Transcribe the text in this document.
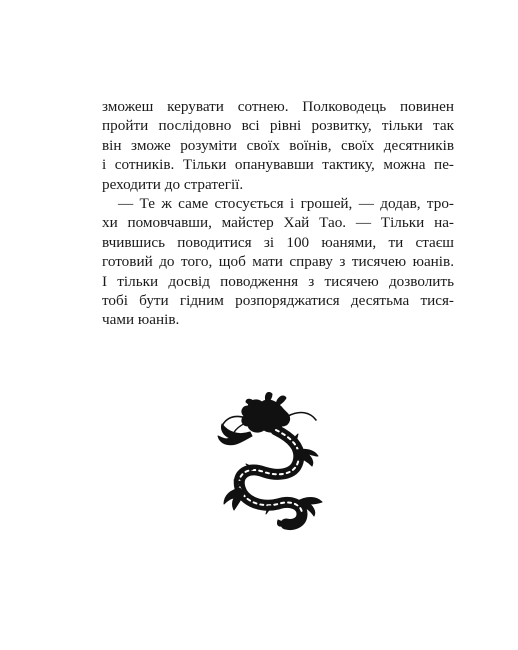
зможеш керувати сотнею. Полководець повинен
пройти послідовно всі рівні розвитку, тільки так
він зможе розуміти своїх воїнів, своїх десятників
і сотників. Тільки опанувавши тактику, можна пе-
реходити до стратегії.
— Те ж саме стосується і грошей, — додав, тро-
хи помовчавши, майстер Хай Тао. — Тільки на-
вчившись поводитися зі 100 юанями, ти стаєш
готовий до того, щоб мати справу з тисячею юанів.
І тільки досвід поводження з тисячею дозволить
тобі бути гідним розпоряджатися десятьма тися-
чами юанів.
